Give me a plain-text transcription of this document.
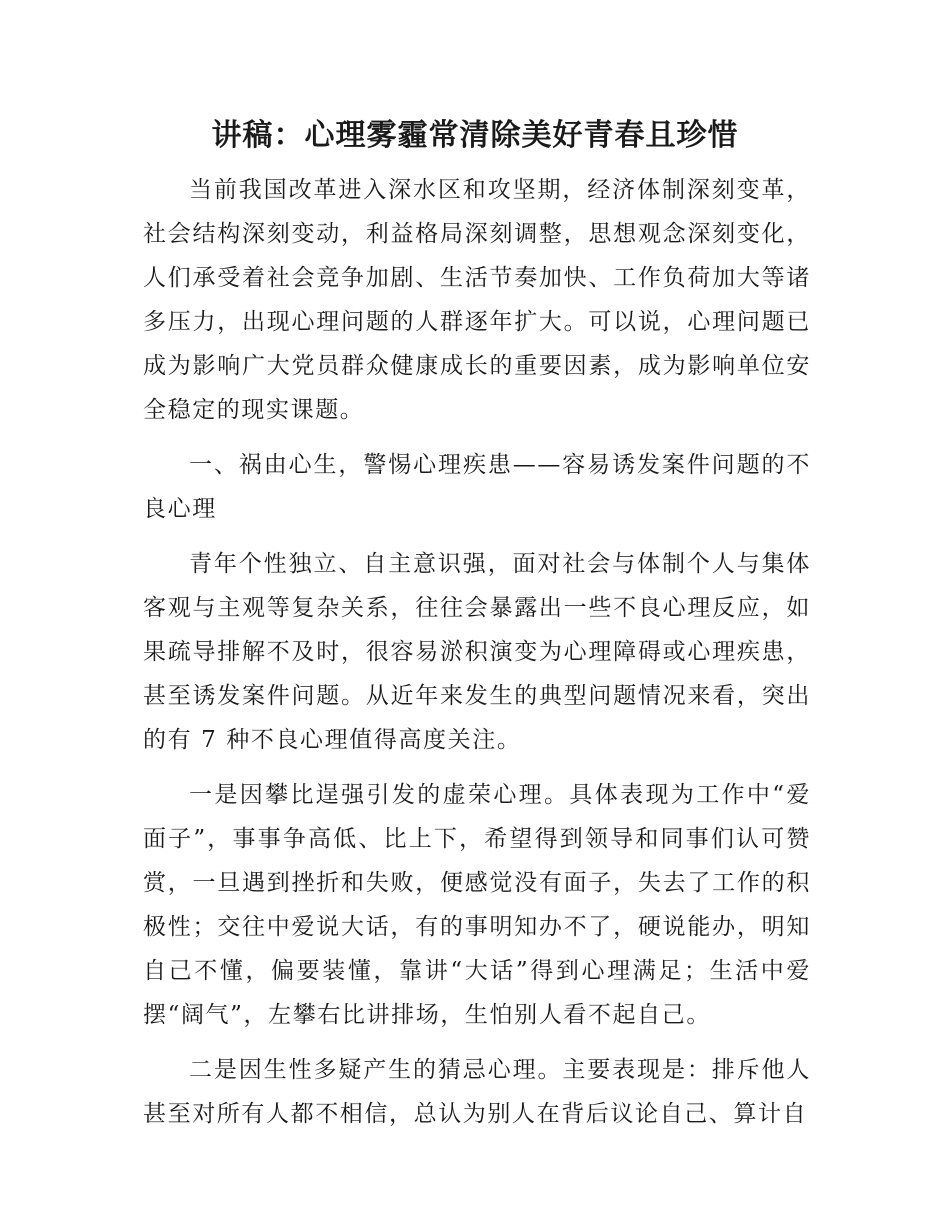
讲稿：心理雾霾常清除美好青春且珍惜

当前我国改革进入深水区和攻坚期，经济体制深刻变革，社会结构深刻变动，利益格局深刻调整，思想观念深刻变化，人们承受着社会竞争加剧、生活节奏加快、工作负荷加大等诸多压力，出现心理问题的人群逐年扩大。可以说，心理问题已成为影响广大党员群众健康成长的重要因素，成为影响单位安全稳定的现实课题。

一、祸由心生，警惕心理疾患——容易诱发案件问题的不良心理

青年个性独立、自主意识强，面对社会与体制个人与集体客观与主观等复杂关系，往往会暴露出一些不良心理反应，如果疏导排解不及时，很容易淤积演变为心理障碍或心理疾患，甚至诱发案件问题。从近年来发生的典型问题情况来看，突出的有 7 种不良心理值得高度关注。

一是因攀比逞强引发的虚荣心理。具体表现为工作中“爱面子”，事事争高低、比上下，希望得到领导和同事们认可赞赏，一旦遇到挫折和失败，便感觉没有面子，失去了工作的积极性；交往中爱说大话，有的事明知办不了，硬说能办，明知自己不懂，偏要装懂，靠讲“大话”得到心理满足；生活中爱摆“阔气”，左攀右比讲排场，生怕别人看不起自己。

二是因生性多疑产生的猜忌心理。主要表现是：排斥他人甚至对所有人都不相信，总认为别人在背后议论自己、算计自
